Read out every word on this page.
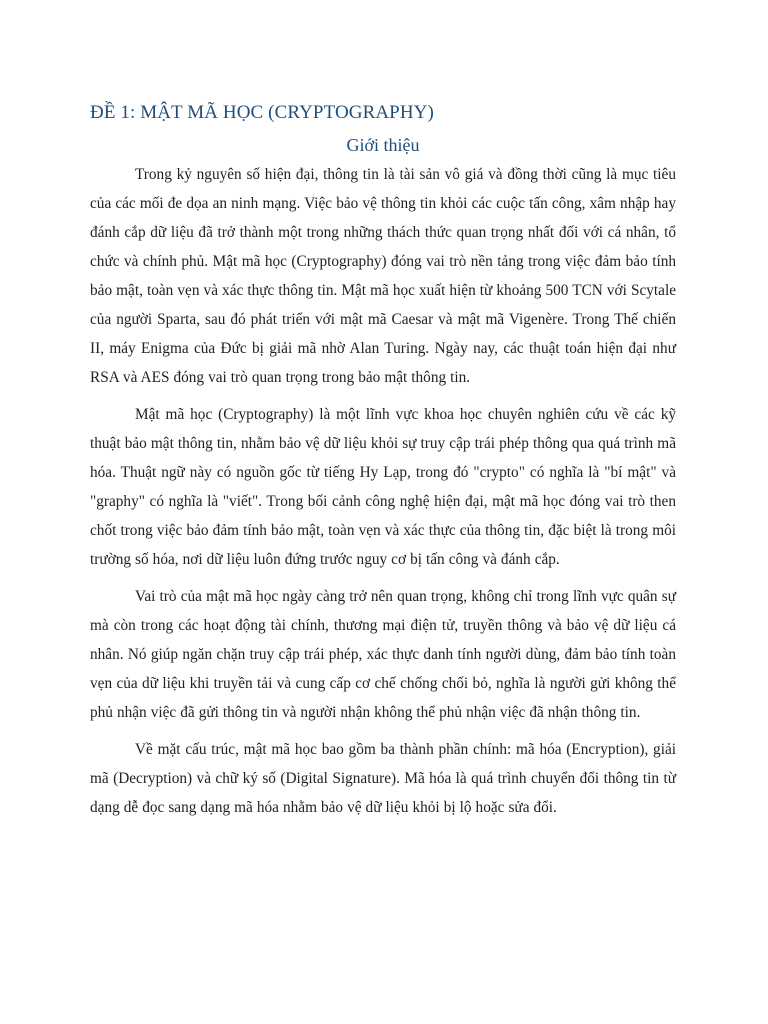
ĐỀ 1: MẬT MÃ HỌC (CRYPTOGRAPHY)
Giới thiệu

Trong kỷ nguyên số hiện đại, thông tin là tài sản vô giá và đồng thời cũng là mục tiêu của các mối đe dọa an ninh mạng. Việc bảo vệ thông tin khỏi các cuộc tấn công, xâm nhập hay đánh cắp dữ liệu đã trở thành một trong những thách thức quan trọng nhất đối với cá nhân, tổ chức và chính phủ. Mật mã học (Cryptography) đóng vai trò nền tảng trong việc đảm bảo tính bảo mật, toàn vẹn và xác thực thông tin. Mật mã học xuất hiện từ khoảng 500 TCN với Scytale của người Sparta, sau đó phát triển với mật mã Caesar và mật mã Vigenère. Trong Thế chiến II, máy Enigma của Đức bị giải mã nhờ Alan Turing. Ngày nay, các thuật toán hiện đại như RSA và AES đóng vai trò quan trọng trong bảo mật thông tin.

Mật mã học (Cryptography) là một lĩnh vực khoa học chuyên nghiên cứu về các kỹ thuật bảo mật thông tin, nhằm bảo vệ dữ liệu khỏi sự truy cập trái phép thông qua quá trình mã hóa. Thuật ngữ này có nguồn gốc từ tiếng Hy Lạp, trong đó "crypto" có nghĩa là "bí mật" và "graphy" có nghĩa là "viết". Trong bối cảnh công nghệ hiện đại, mật mã học đóng vai trò then chốt trong việc bảo đảm tính bảo mật, toàn vẹn và xác thực của thông tin, đặc biệt là trong môi trường số hóa, nơi dữ liệu luôn đứng trước nguy cơ bị tấn công và đánh cắp.

Vai trò của mật mã học ngày càng trở nên quan trọng, không chỉ trong lĩnh vực quân sự mà còn trong các hoạt động tài chính, thương mại điện tử, truyền thông và bảo vệ dữ liệu cá nhân. Nó giúp ngăn chặn truy cập trái phép, xác thực danh tính người dùng, đảm bảo tính toàn vẹn của dữ liệu khi truyền tải và cung cấp cơ chế chống chối bỏ, nghĩa là người gửi không thể phủ nhận việc đã gửi thông tin và người nhận không thể phủ nhận việc đã nhận thông tin.

Về mặt cấu trúc, mật mã học bao gồm ba thành phần chính: mã hóa (Encryption), giải mã (Decryption) và chữ ký số (Digital Signature). Mã hóa là quá trình chuyển đổi thông tin từ dạng dễ đọc sang dạng mã hóa nhằm bảo vệ dữ liệu khỏi bị lộ hoặc sửa đổi.
